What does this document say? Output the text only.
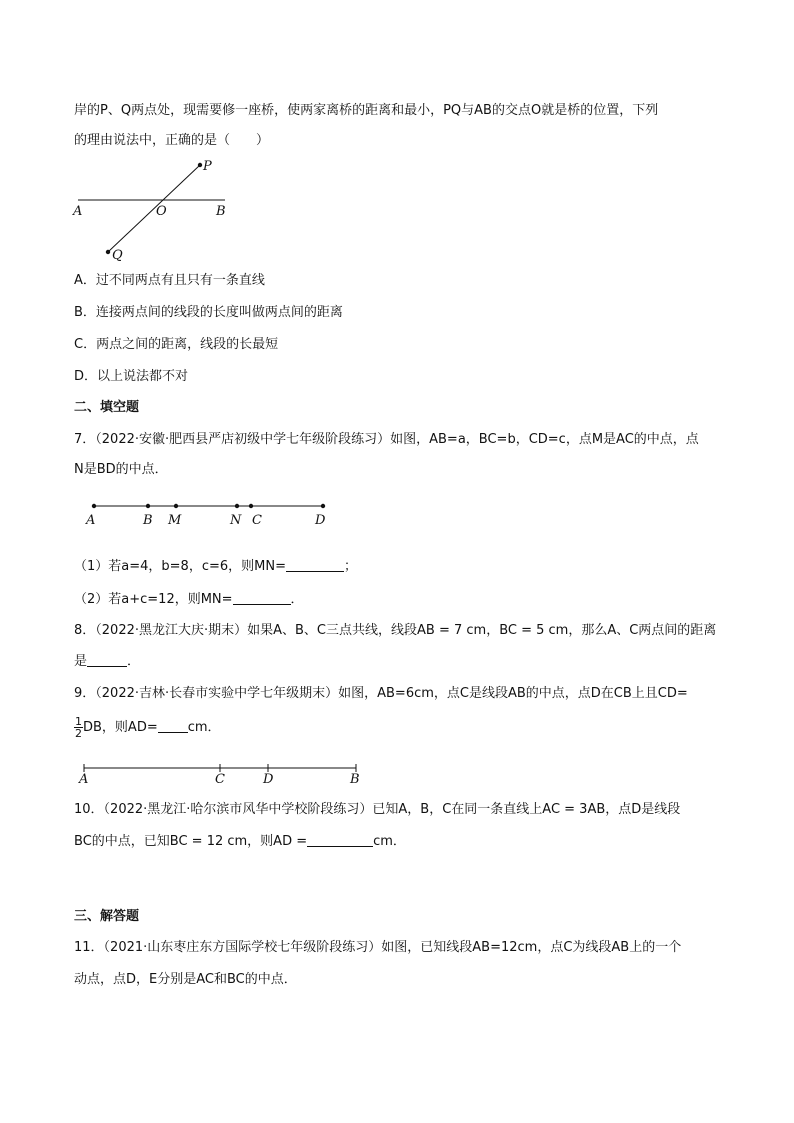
岸的P、Q两点处，现需要修一座桥，使两家离桥的距离和最小，PQ与AB的交点O就是桥的位置，下列
的理由说法中，正确的是（　　）
P
Q
A	O	B
A．过不同两点有且只有一条直线
B．连接两点间的线段的长度叫做两点间的距离
C．两点之间的距离，线段的长最短
D．以上说法都不对
二、填空题
7．（2022·安徽·肥西县严店初级中学七年级阶段练习）如图，AB=a，BC=b，CD=c，点M是AC的中点，点
N是BD的中点．
A	B M	N C	D
（1）若a=4，b=8，c=6，则MN=	；
（2）若a+c=12，则MN=	．
8．（2022·黑龙江大庆·期末）如果A、B、C三点共线，线段AB = 7 cm，BC = 5 cm，那么A、C两点间的距离
是	．
9．（2022·吉林·长春市实验中学七年级期末）如图，AB=6cm，点C是线段AB的中点，点D在CB上且CD=
$\frac{1}{2}$ DB，则AD= cm．
A	C	D	B
10．（2022·黑龙江·哈尔滨市风华中学校阶段练习）已知A，B，C在同一条直线上AC = 3AB，点D是线段
BC的中点，已知BC = 12 cm，则AD =	cm．
三、解答题
11．（2021·山东枣庄东方国际学校七年级阶段练习）如图，已知线段AB=12cm，点C为线段AB上的一个
动点，点D，E分别是AC和BC的中点．
